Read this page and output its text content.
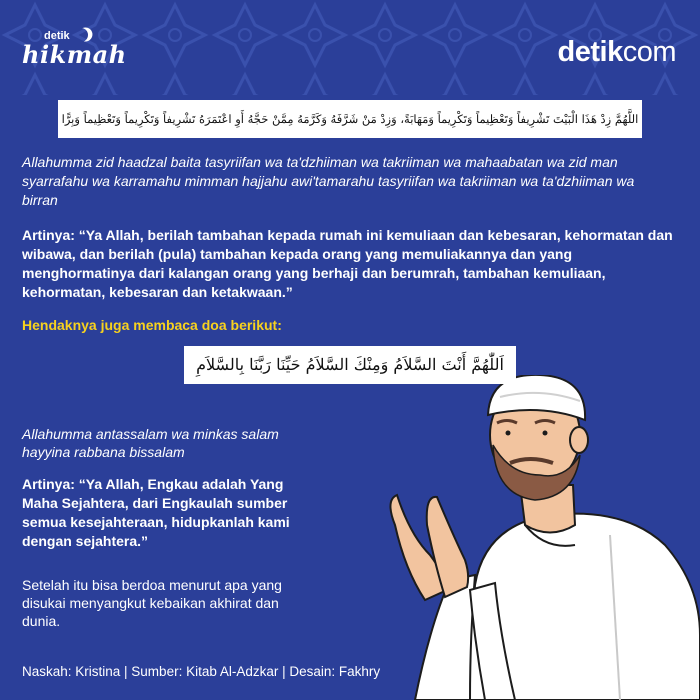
detik
hikmah	detikcom
اللَّهُمَّ زِدْ هَذَا الْبَيْتَ تَشْرِيفاً وَتَعْظِيماً وَتَكْرِيماً وَمَهَابَةً، وَزِدْ مَنْ شَرَّفَهُ وَكَرَّمَهُ مِمَّنْ حَجَّهُ أَوِ اعْتَمَرَهُ تَشْرِيفاً وَتَكْرِيماً وَتَعْظِيماً وَبِرًّا

Allahumma zid haadzal baita tasyriifan wa ta'dzhiiman wa takriiman wa mahaabatan wa zid man syarrafahu wa karramahu mimman hajjahu awi'tamarahu tasyriifan wa takriiman wa ta'dzhiiman wa birran

Artinya: “Ya Allah, berilah tambahan kepada rumah ini kemuliaan dan kebesaran, kehormatan dan wibawa, dan berilah (pula) tambahan kepada orang yang memuliakannya dan yang menghormatinya dari kalangan orang yang berhaji dan berumrah, tambahan kemuliaan, kehormatan, kebesaran dan ketakwaan.”

Hendaknya juga membaca doa berikut:

اَللّٰهُمَّ أَنْتَ السَّلاَمُ وَمِنْكَ السَّلاَمُ حَيِّنَا رَبَّنَا بِالسَّلاَمِ

Allahumma antassalam wa minkas salam hayyina rabbana bissalam

Artinya: “Ya Allah, Engkau adalah Yang Maha Sejahtera, dari Engkaulah sumber semua kesejahteraan, hidupkanlah kami dengan sejahtera.”

Setelah itu bisa berdoa menurut apa yang disukai menyangkut kebaikan akhirat dan dunia.

Naskah: Kristina | Sumber: Kitab Al-Adzkar | Desain: Fakhry
